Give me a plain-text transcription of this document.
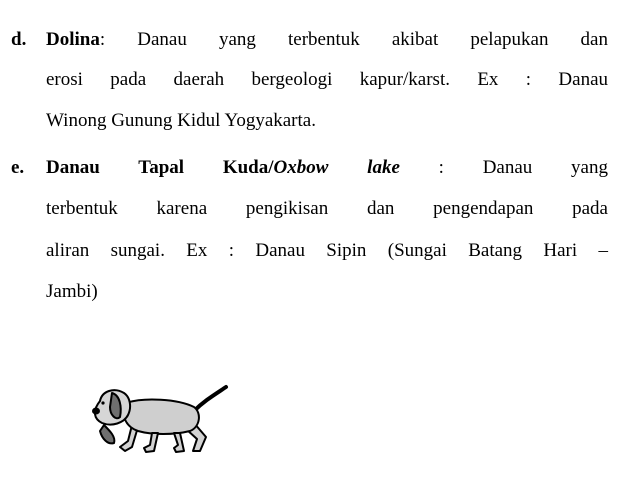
d. Dolina: Danau yang terbentuk akibat pelapukan dan
erosi pada daerah bergeologi kapur/karst. Ex : Danau
Winong Gunung Kidul Yogyakarta.
e. Danau Tapal Kuda/Oxbow lake : Danau yang
terbentuk karena pengikisan dan pengendapan pada
aliran sungai. Ex : Danau Sipin (Sungai Batang Hari –
Jambi)
